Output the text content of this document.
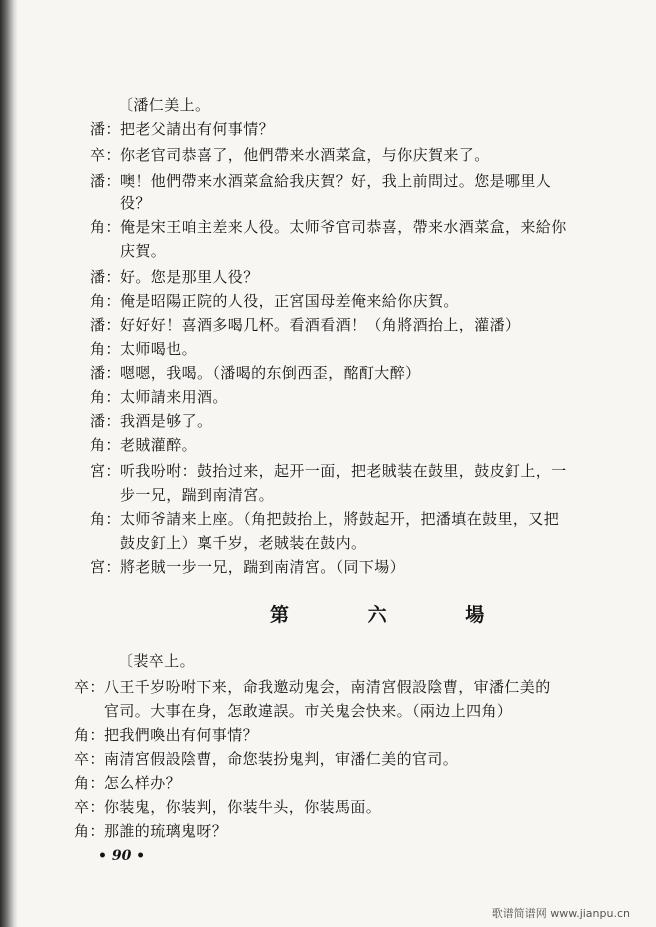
〔潘仁美上。
潘：把老父請出有何事情？
卒：你老官司恭喜了，他們帶来水酒菜盒，与你庆賀来了。
潘：噢！他們帶来水酒菜盒給我庆賀？好，我上前問过。您是哪里人
役？
角：俺是宋王咱主差来人役。太师爷官司恭喜，帶来水酒菜盒，来給你
庆賀。
潘：好。您是那里人役？
角：俺是昭陽正院的人役，正宮国母差俺来給你庆賀。
潘：好好好！喜酒多喝几杯。看酒看酒！（角將酒抬上，灌潘）
角：太师喝也。
潘：嗯嗯，我喝。（潘喝的东倒西歪，酩酊大醉）
角：太师請来用酒。
潘：我酒是够了。
角：老賊灌醉。
宮：听我吩咐：鼓抬过来，起开一面，把老賊装在鼓里，鼓皮釘上，一
步一兄，踹到南清宮。
角：太师爷請来上座。（角把鼓抬上，將鼓起开，把潘填在鼓里，又把
鼓皮釘上）稟千岁，老賊装在鼓内。
宮：將老賊一步一兄，踹到南清宮。（同下場）
第 六 場
〔裴卒上。
卒：八王千岁吩咐下来，命我邀动鬼会，南清宮假設陰曹，审潘仁美的
官司。大事在身，怎敢違誤。市关鬼会快来。（兩边上四角）
角：把我們喚出有何事情？
卒：南清宮假設陰曹，命您装扮鬼判，审潘仁美的官司。
角：怎么样办？
卒：你装鬼，你装判，你装牛头，你装馬面。
角：那誰的琉璃鬼呀？
• 90 •
歌谱简谱网 www.jianpu.cn
